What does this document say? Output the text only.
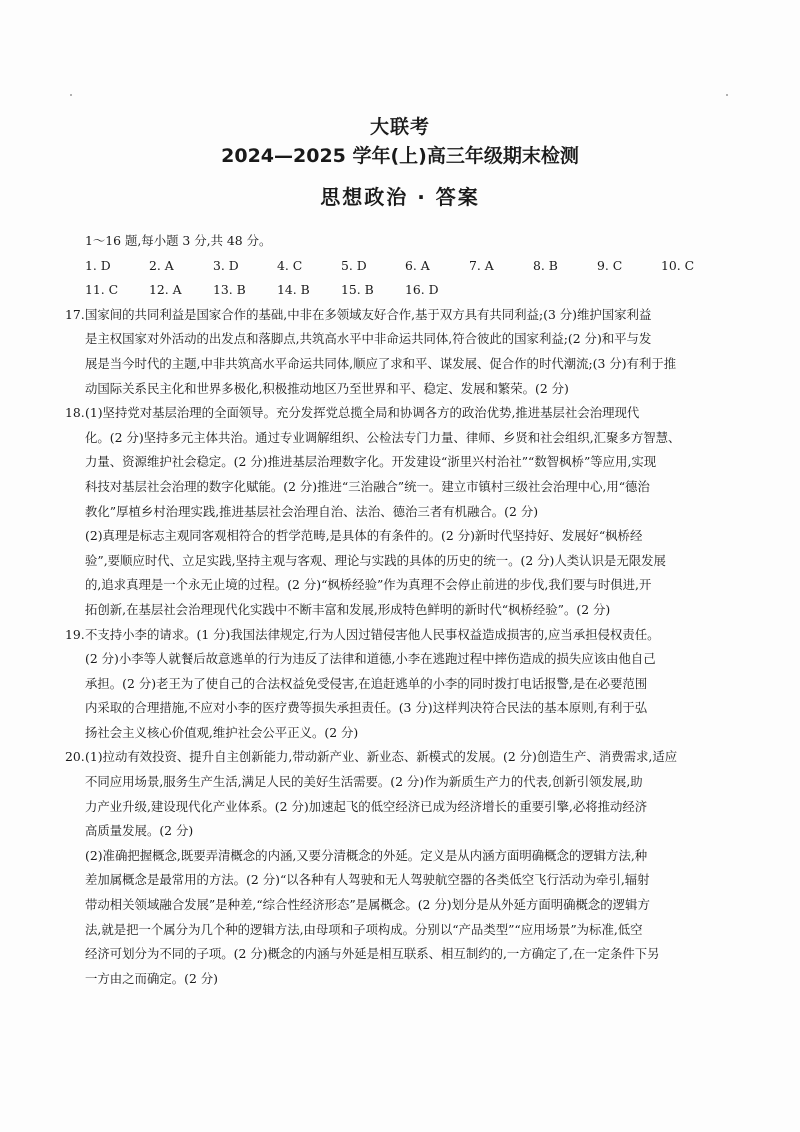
大联考
2024—2025 学年(上)高三年级期末检测
思想政治 · 答案

1～16 题,每小题 3 分,共 48 分。

1. D	2. A	3. D	4. C	5. D	6. A	7. A	8. B	9. C	10. C
11. C	12. A	13. B	14. B	15. B	16. D
17. 国家间的共同利益是国家合作的基础,中非在多领域友好合作,基于双方具有共同利益;(3 分)维护国家利益

是主权国家对外活动的出发点和落脚点,共筑高水平中非命运共同体,符合彼此的国家利益;(2 分)和平与发

展是当今时代的主题,中非共筑高水平命运共同体,顺应了求和平、谋发展、促合作的时代潮流;(3 分)有利于推

动国际关系民主化和世界多极化,积极推动地区乃至世界和平、稳定、发展和繁荣。(2 分)

18. (1)坚持党对基层治理的全面领导。充分发挥党总揽全局和协调各方的政治优势,推进基层社会治理现代

化。(2 分)坚持多元主体共治。通过专业调解组织、公检法专门力量、律师、乡贤和社会组织,汇聚多方智慧、

力量、资源维护社会稳定。(2 分)推进基层治理数字化。开发建设“浙里兴村治社”“数智枫桥”等应用,实现

科技对基层社会治理的数字化赋能。(2 分)推进“三治融合”统一。建立市镇村三级社会治理中心,用“德治

教化”厚植乡村治理实践,推进基层社会治理自治、法治、德治三者有机融合。(2 分)

(2)真理是标志主观同客观相符合的哲学范畴,是具体的有条件的。(2 分)新时代坚持好、发展好“枫桥经

验”,要顺应时代、立足实践,坚持主观与客观、理论与实践的具体的历史的统一。(2 分)人类认识是无限发展

的,追求真理是一个永无止境的过程。(2 分)“枫桥经验”作为真理不会停止前进的步伐,我们要与时俱进,开

拓创新,在基层社会治理现代化实践中不断丰富和发展,形成特色鲜明的新时代“枫桥经验”。(2 分)

19. 不支持小李的请求。(1 分)我国法律规定,行为人因过错侵害他人民事权益造成损害的,应当承担侵权责任。

(2 分)小李等人就餐后故意逃单的行为违反了法律和道德,小李在逃跑过程中摔伤造成的损失应该由他自己

承担。(2 分)老王为了使自己的合法权益免受侵害,在追赶逃单的小李的同时拨打电话报警,是在必要范围

内采取的合理措施,不应对小李的医疗费等损失承担责任。(3 分)这样判决符合民法的基本原则,有利于弘

扬社会主义核心价值观,维护社会公平正义。(2 分)

20. (1)拉动有效投资、提升自主创新能力,带动新产业、新业态、新模式的发展。(2 分)创造生产、消费需求,适应

不同应用场景,服务生产生活,满足人民的美好生活需要。(2 分)作为新质生产力的代表,创新引领发展,助

力产业升级,建设现代化产业体系。(2 分)加速起飞的低空经济已成为经济增长的重要引擎,必将推动经济

高质量发展。(2 分)

(2)准确把握概念,既要弄清概念的内涵,又要分清概念的外延。定义是从内涵方面明确概念的逻辑方法,种

差加属概念是最常用的方法。(2 分)“以各种有人驾驶和无人驾驶航空器的各类低空飞行活动为牵引,辐射

带动相关领域融合发展”是种差,“综合性经济形态”是属概念。(2 分)划分是从外延方面明确概念的逻辑方

法,就是把一个属分为几个种的逻辑方法,由母项和子项构成。分别以“产品类型”“应用场景”为标准,低空

经济可划分为不同的子项。(2 分)概念的内涵与外延是相互联系、相互制约的,一方确定了,在一定条件下另

一方由之而确定。(2 分)
